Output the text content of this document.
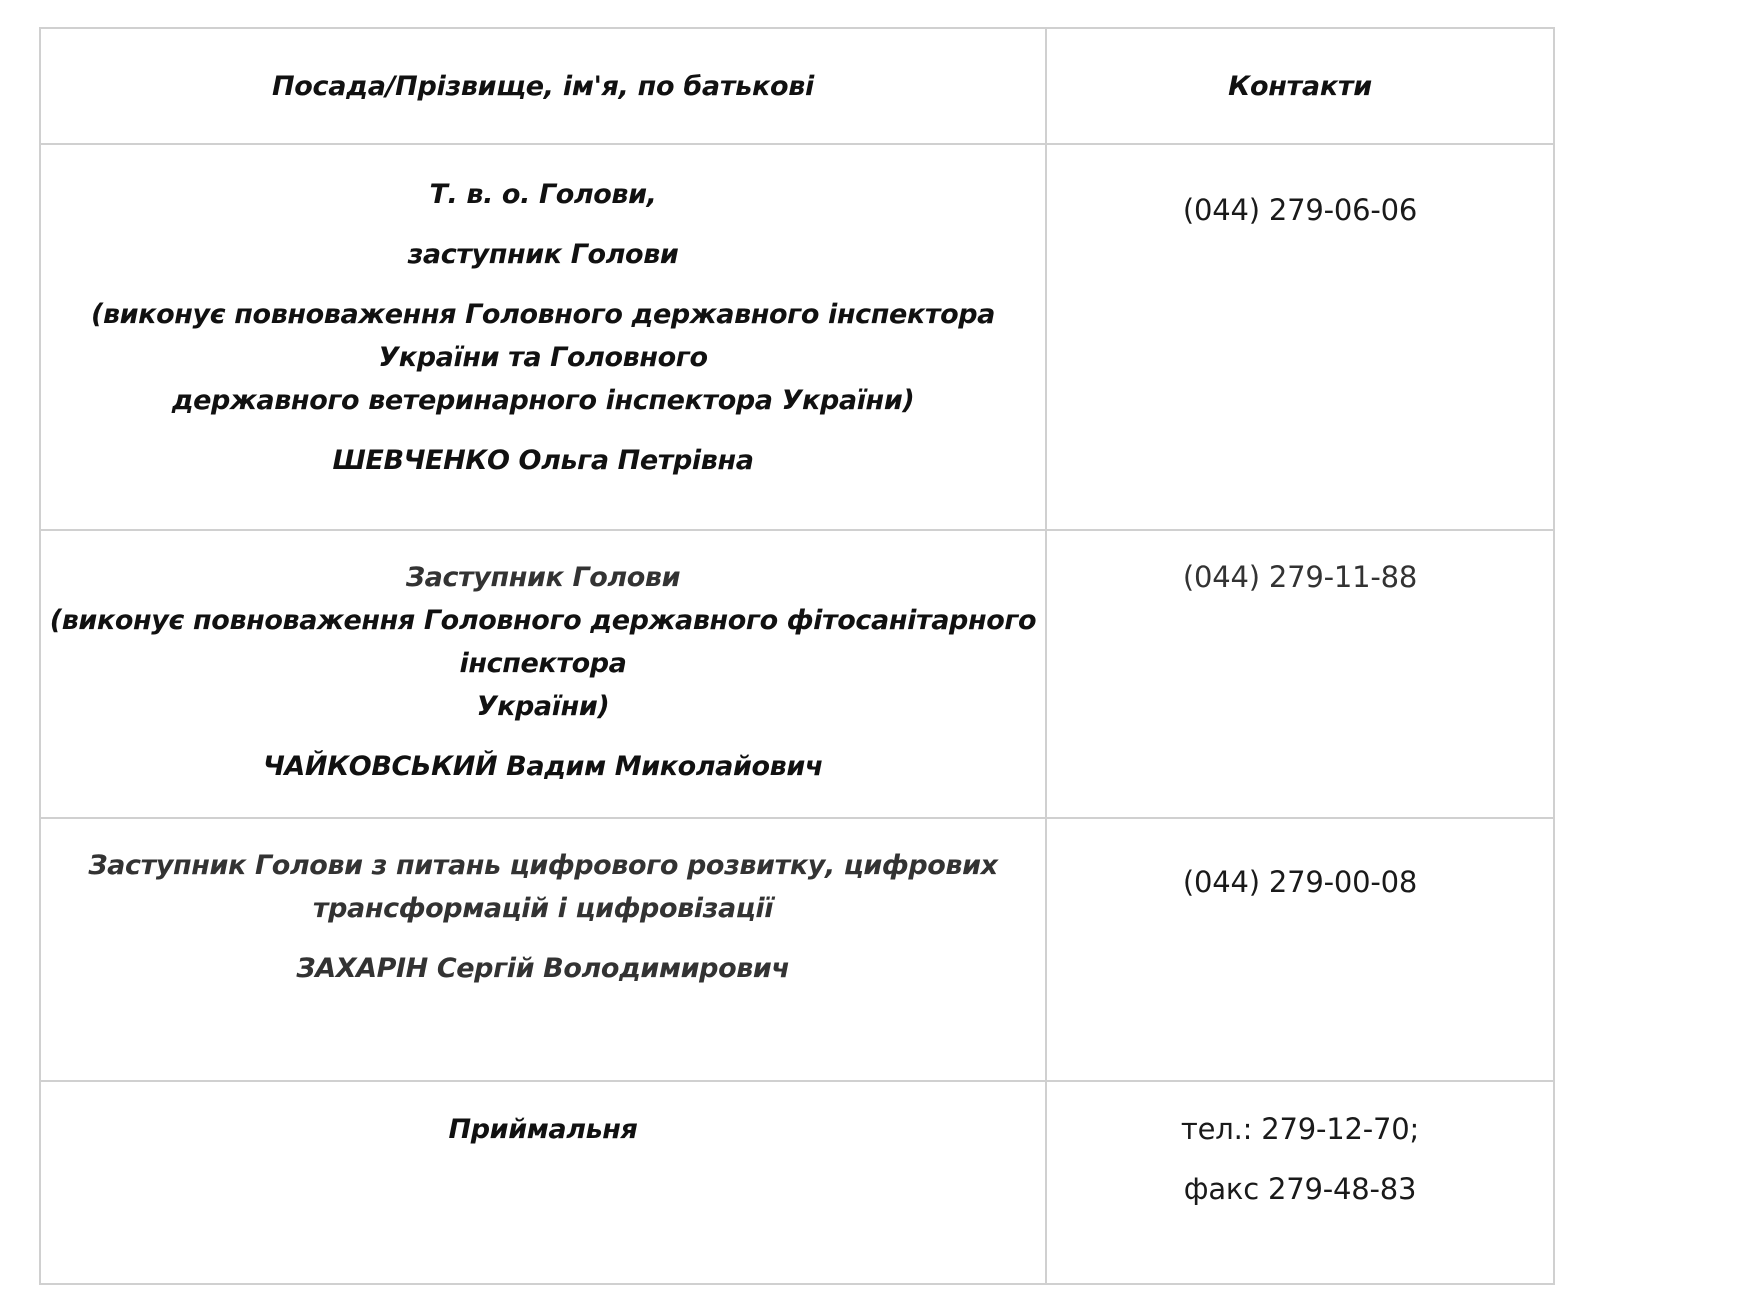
Посада/Прізвище, ім'я, по батькові	Контакти

Т. в. о. Голови,

заступник Голови

(виконує повноваження Головного державного інспектора України та Головного
державного ветеринарного інспектора України)

ШЕВЧЕНКО Ольга Петрівна	(044) 279-06-06

Заступник Голови
(виконує повноваження Головного державного фітосанітарного інспектора
України)

ЧАЙКОВСЬКИЙ Вадим Миколайович	(044) 279-11-88

Заступник Голови з питань цифрового розвитку, цифрових
трансформацій і цифровізації

ЗАХАРІН Сергій Володимирович	(044) 279-00-08

Приймальня	тел.: 279-12-70;

факс 279-48-83
